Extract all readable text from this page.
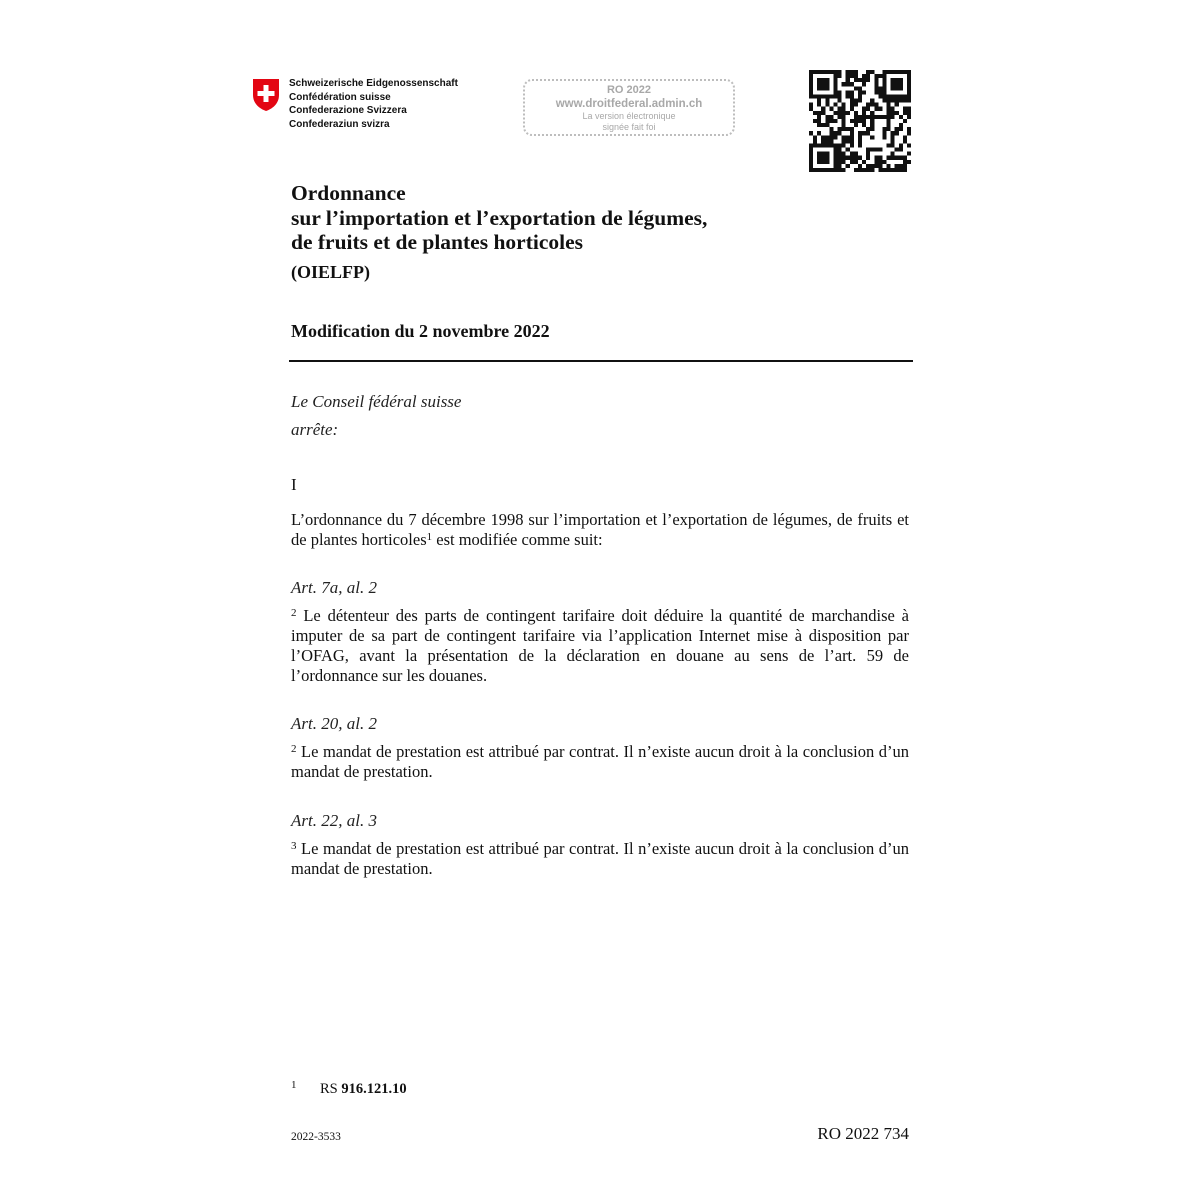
Schweizerische Eidgenossenschaft
Confédération suisse
Confederazione Svizzera
Confederaziun svizra
RO 2022
www.droitfederal.admin.ch
La version électronique
signée fait foi
Ordonnance
sur l’importation et l’exportation de légumes,
de fruits et de plantes horticoles
(OIELFP)
Modification du 2 novembre 2022
Le Conseil fédéral suisse
arrête:
I
L’ordonnance du 7 décembre 1998 sur l’importation et l’exportation de légumes, de fruits et de plantes horticoles$^1$ est modifiée comme suit:
Art. 7a, al. 2
$^2$ Le détenteur des parts de contingent tarifaire doit déduire la quantité de marchandise à imputer de sa part de contingent tarifaire via l’application Internet mise à disposition par l’OFAG, avant la présentation de la déclaration en douane au sens de l’art. 59 de l’ordonnance sur les douanes.
Art. 20, al. 2
$^2$ Le mandat de prestation est attribué par contrat. Il n’existe aucun droit à la conclusion d’un mandat de prestation.
Art. 22, al. 3
$^3$ Le mandat de prestation est attribué par contrat. Il n’existe aucun droit à la conclusion d’un mandat de prestation.
1 RS 916.121.10
2022-3533	RO 2022 734
